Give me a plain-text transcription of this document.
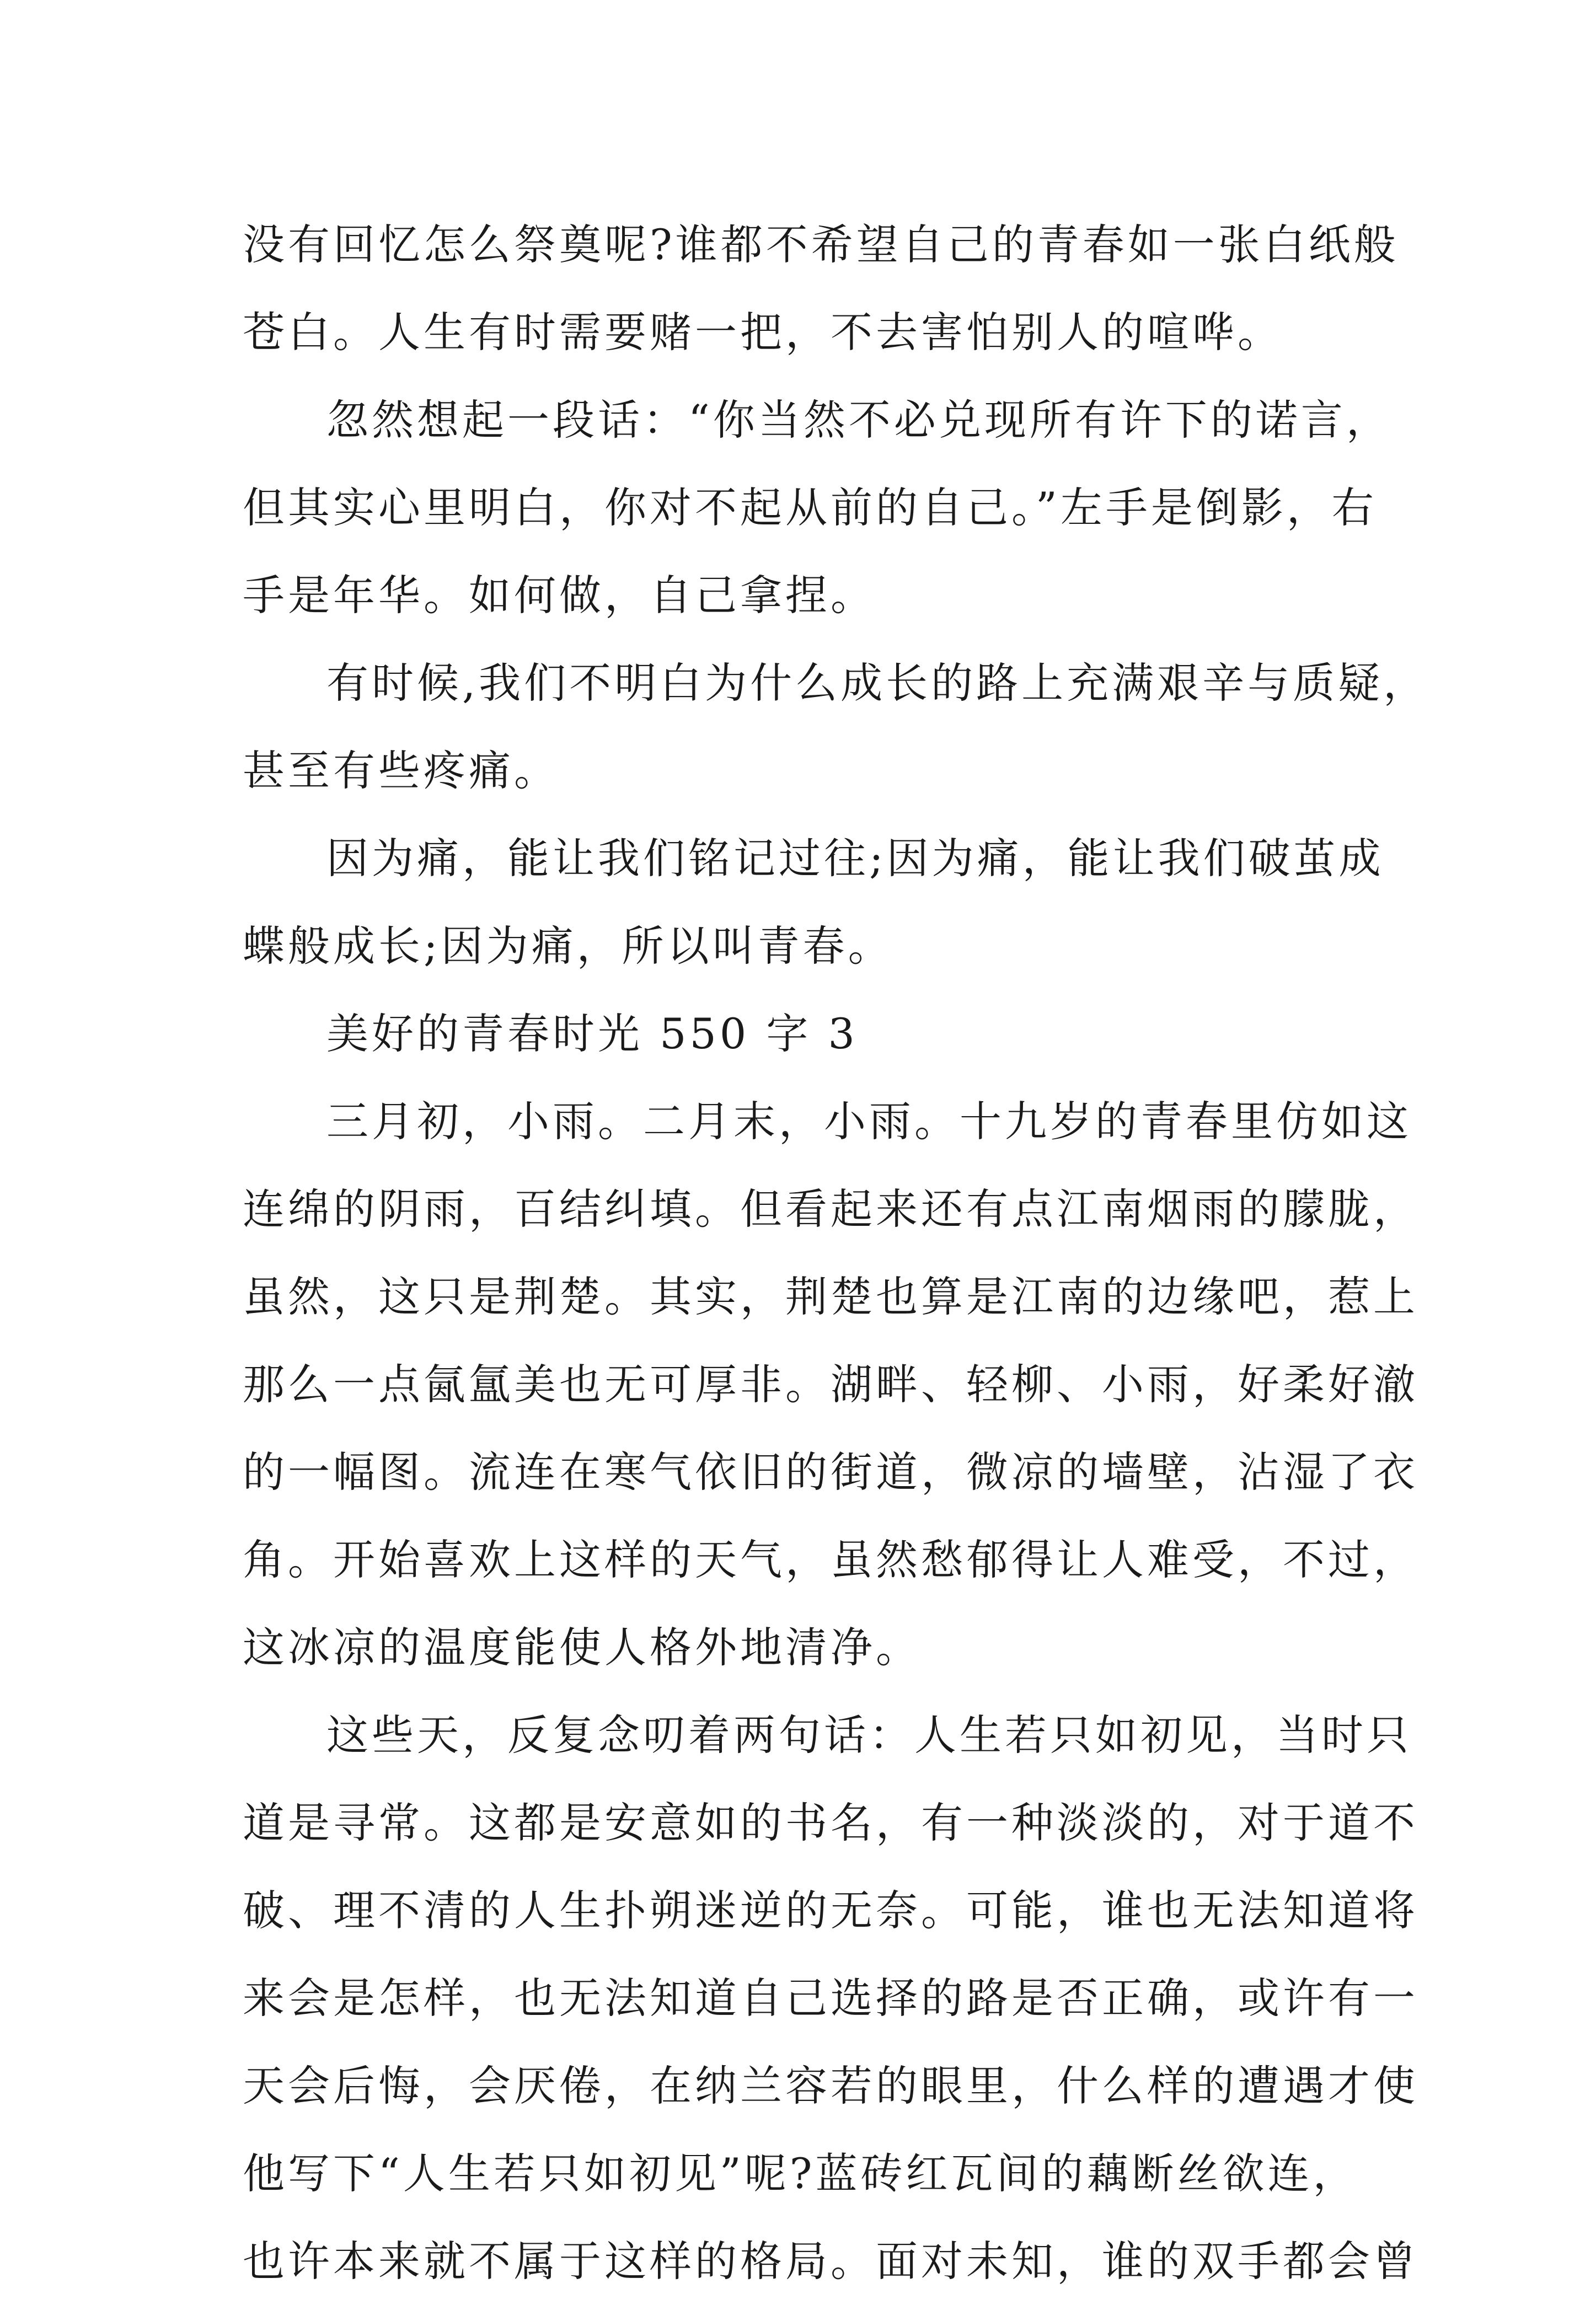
没有回忆怎么祭奠呢?谁都不希望自己的青春如一张白纸般
苍白。人生有时需要赌一把，不去害怕别人的喧哗。
忽然想起一段话：“你当然不必兑现所有许下的诺言，
但其实心里明白，你对不起从前的自己。”左手是倒影，右
手是年华。如何做，自己拿捏。
有时候,我们不明白为什么成长的路上充满艰辛与质疑，
甚至有些疼痛。
因为痛，能让我们铭记过往;因为痛，能让我们破茧成
蝶般成长;因为痛，所以叫青春。
美好的青春时光 550 字 3
三月初，小雨。二月末，小雨。十九岁的青春里仿如这
连绵的阴雨，百结纠填。但看起来还有点江南烟雨的朦胧，
虽然，这只是荆楚。其实，荆楚也算是江南的边缘吧，惹上
那么一点氤氲美也无可厚非。湖畔、轻柳、小雨，好柔好澈
的一幅图。流连在寒气依旧的街道，微凉的墙壁，沾湿了衣
角。开始喜欢上这样的天气，虽然愁郁得让人难受，不过，
这冰凉的温度能使人格外地清净。
这些天，反复念叨着两句话：人生若只如初见，当时只
道是寻常。这都是安意如的书名，有一种淡淡的，对于道不
破、理不清的人生扑朔迷逆的无奈。可能，谁也无法知道将
来会是怎样，也无法知道自己选择的路是否正确，或许有一
天会后悔，会厌倦，在纳兰容若的眼里，什么样的遭遇才使
他写下“人生若只如初见”呢?蓝砖红瓦间的藕断丝欲连，
也许本来就不属于这样的格局。面对未知，谁的双手都会曾
